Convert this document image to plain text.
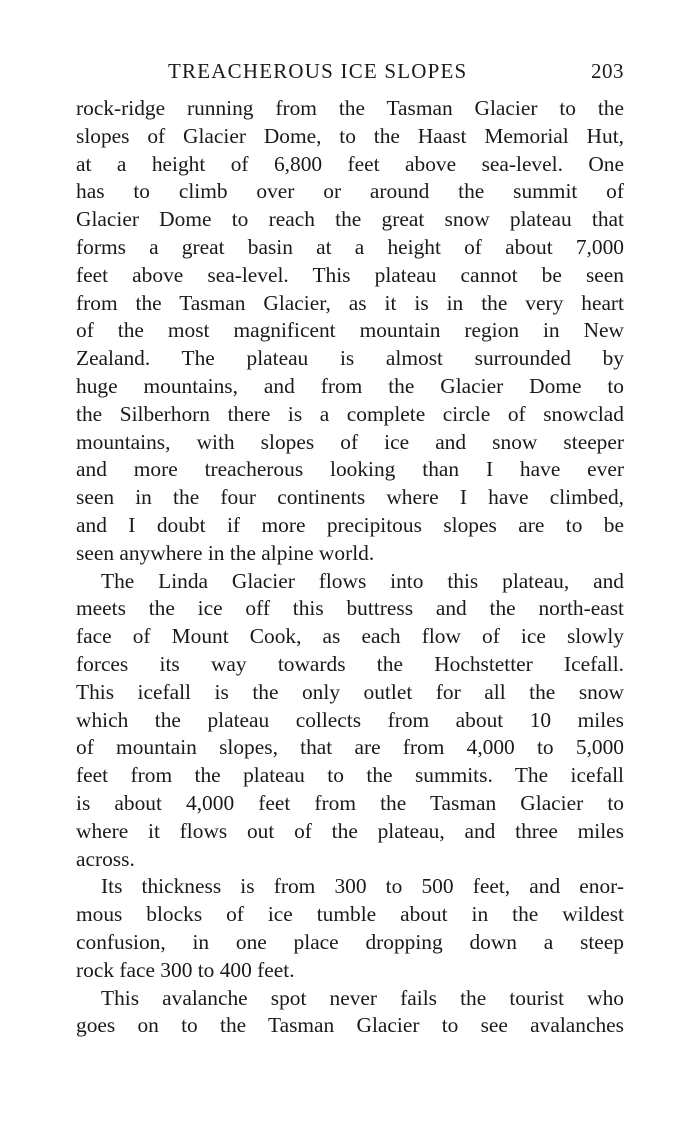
TREACHEROUS ICE SLOPES	203
rock-ridge running from the Tasman Glacier to the
slopes of Glacier Dome, to the Haast Memorial Hut,
at a height of 6,800 feet above sea-level. One
has to climb over or around the summit of
Glacier Dome to reach the great snow plateau that
forms a great basin at a height of about 7,000
feet above sea-level. This plateau cannot be seen
from the Tasman Glacier, as it is in the very heart
of the most magnificent mountain region in New
Zealand. The plateau is almost surrounded by
huge mountains, and from the Glacier Dome to
the Silberhorn there is a complete circle of snowclad
mountains, with slopes of ice and snow steeper
and more treacherous looking than I have ever
seen in the four continents where I have climbed,
and I doubt if more precipitous slopes are to be
seen anywhere in the alpine world.
The Linda Glacier flows into this plateau, and
meets the ice off this buttress and the north-east
face of Mount Cook, as each flow of ice slowly
forces its way towards the Hochstetter Icefall.
This icefall is the only outlet for all the snow
which the plateau collects from about 10 miles
of mountain slopes, that are from 4,000 to 5,000
feet from the plateau to the summits. The icefall
is about 4,000 feet from the Tasman Glacier to
where it flows out of the plateau, and three miles
across.
Its thickness is from 300 to 500 feet, and enor-
mous blocks of ice tumble about in the wildest
confusion, in one place dropping down a steep
rock face 300 to 400 feet.
This avalanche spot never fails the tourist who
goes on to the Tasman Glacier to see avalanches
